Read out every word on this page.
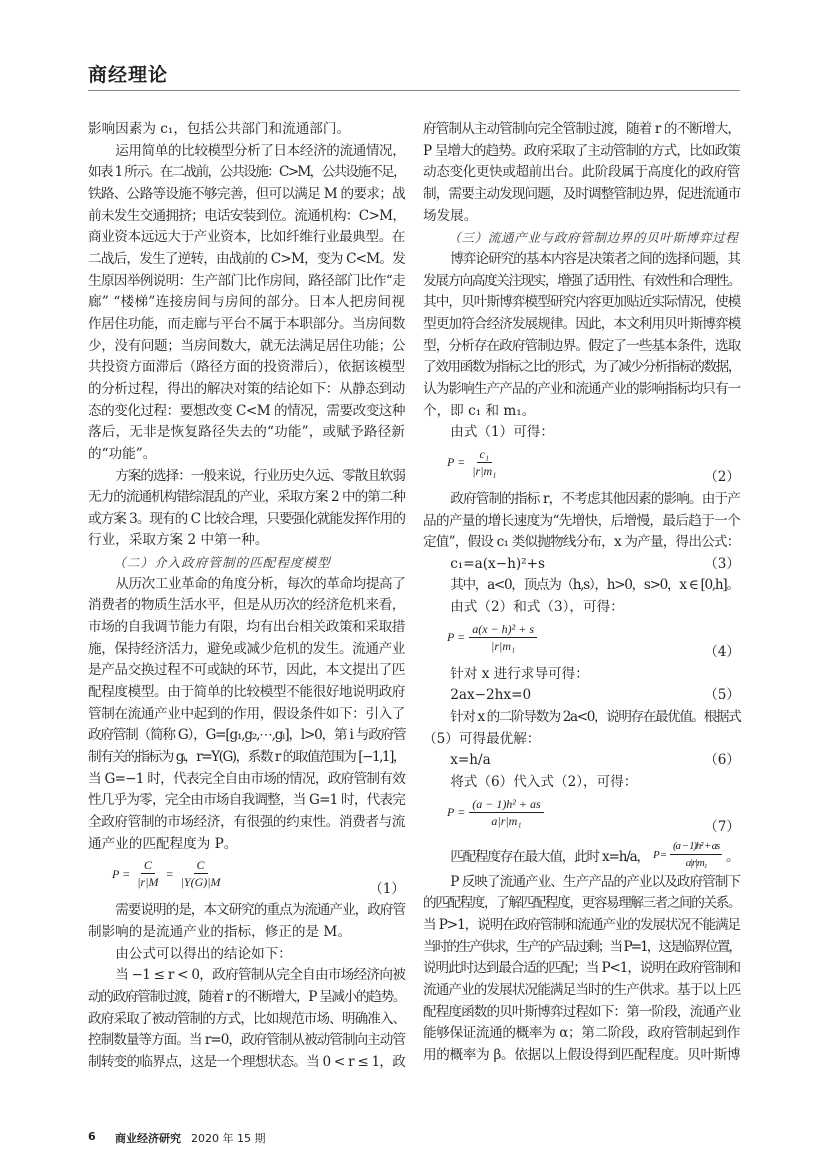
商经理论
影响因素为 c₁，包括公共部门和流通部门。
运用简单的比较模型分析了日本经济的流通情况，
如表 1 所示。在二战前，公共设施：C>M，公共设施不足，
铁路、公路等设施不够完善，但可以满足 M 的要求；战
前未发生交通拥挤；电话安装到位。流通机构：C>M，
商业资本远远大于产业资本，比如纤维行业最典型。在
二战后，发生了逆转，由战前的 C>M，变为 C<M。发
生原因举例说明：生产部门比作房间，路径部门比作“走
廊” “楼梯”连接房间与房间的部分。日本人把房间视
作居住功能，而走廊与平台不属于本职部分。当房间数
少，没有问题；当房间数大，就无法满足居住功能；公
共投资方面滞后（路径方面的投资滞后），依据该模型
的分析过程，得出的解决对策的结论如下：从静态到动
态的变化过程：要想改变 C<M 的情况，需要改变这种
落后，无非是恢复路径失去的“功能”，或赋予路径新
的“功能”。
方案的选择：一般来说，行业历史久远、零散且软弱
无力的流通机构错综混乱的产业，采取方案 2 中的第二种
或方案 3。现有的 C 比较合理，只要强化就能发挥作用的
行业，采取方案 2 中第一种。
（二）介入政府管制的匹配程度模型
从历次工业革命的角度分析，每次的革命均提高了
消费者的物质生活水平，但是从历次的经济危机来看，
市场的自我调节能力有限，均有出台相关政策和采取措
施，保持经济活力，避免或减少危机的发生。流通产业
是产品交换过程不可或缺的环节，因此，本文提出了匹
配程度模型。由于简单的比较模型不能很好地说明政府
管制在流通产业中起到的作用，假设条件如下：引入了
政府管制（简称 G），G=[g₁,g₂,⋯,gₗ]，l>0，第 i 与政府管
制有关的指标为 gᵢ，r=Y(G)，系数 r 的取值范围为 [−1,1]，
当 G=−1 时，代表完全自由市场的情况，政府管制有效
性几乎为零，完全由市场自我调整，当 G=1 时，代表完
全政府管制的市场经济，有很强的约束性。消费者与流
通产业的匹配程度为 P。
$P = \frac{C}{|r|M} = \frac{C}{|Y(G)|M}$	（1）
需要说明的是，本文研究的重点为流通产业，政府管
制影响的是流通产业的指标，修正的是 M。
由公式可以得出的结论如下：
当 −1 ≤ r < 0，政府管制从完全自由市场经济向被
动的政府管制过渡，随着 r 的不断增大，P 呈减小的趋势。
政府采取了被动管制的方式，比如规范市场、明确准入、
控制数量等方面。当 r=0，政府管制从被动管制向主动管
制转变的临界点，这是一个理想状态。当 0 < r ≤ 1，政
府管制从主动管制向完全管制过渡，随着 r 的不断增大，
P 呈增大的趋势。政府采取了主动管制的方式，比如政策
动态变化更快或超前出台。此阶段属于高度化的政府管
制，需要主动发现问题，及时调整管制边界，促进流通市
场发展。
（三）流通产业与政府管制边界的贝叶斯博弈过程
博弈论研究的基本内容是决策者之间的选择问题，其
发展方向高度关注现实，增强了适用性、有效性和合理性。
其中，贝叶斯博弈模型研究内容更加贴近实际情况，使模
型更加符合经济发展规律。因此，本文利用贝叶斯博弈模
型，分析存在政府管制边界。假定了一些基本条件，选取
了效用函数为指标之比的形式，为了减少分析指标的数据，
认为影响生产产品的产业和流通产业的影响指标均只有一
个，即 c₁ 和 m₁。
由式（1）可得：
$P = \frac{\text{c₁}}{\text{|r|m₁}}$	（2）
政府管制的指标 r，不考虑其他因素的影响。由于产
品的产量的增长速度为“先增快，后增慢，最后趋于一个
定值”，假设 c₁ 类似抛物线分布，x 为产量，得出公式：
c₁=a(x−h)²+s	（3）
其中，a<0，顶点为（h,s），h>0，s>0，x ∈ [0,h]。
由式（2）和式（3），可得：
$P = \frac{\text{a(x − h)² + s}}{\text{|r|m₁}}$	（4）
针对 x 进行求导可得：
2ax−2hx=0	（5）
针对 x 的二阶导数为 2a<0，说明存在最优值。根据式
（5）可得最优解：
x=h/a	（6）
将式（6）代入式（2），可得：
$P = \frac{\text{(a − 1)h² + as}}{\text{a|r|m₁}}$	（7）
匹配程度存在最大值，此时 x=h/a， $P = \frac{\text{(a − 1)h² + as}}{\text{a|r|m₁}}$ 。
P 反映了流通产业、生产产品的产业以及政府管制下
的匹配程度，了解匹配程度，更容易理解三者之间的关系。
当 P>1，说明在政府管制和流通产业的发展状况不能满足
当时的生产供求，生产的产品过剩；当 P=1，这是临界位置，
说明此时达到最合适的匹配；当 P<1，说明在政府管制和
流通产业的发展状况能满足当时的生产供求。基于以上匹
配程度函数的贝叶斯博弈过程如下：第一阶段，流通产业
能够保证流通的概率为 α；第二阶段，政府管制起到作
用的概率为 β。依据以上假设得到匹配程度。贝叶斯博
6	商业经济研究 2020 年 15 期
